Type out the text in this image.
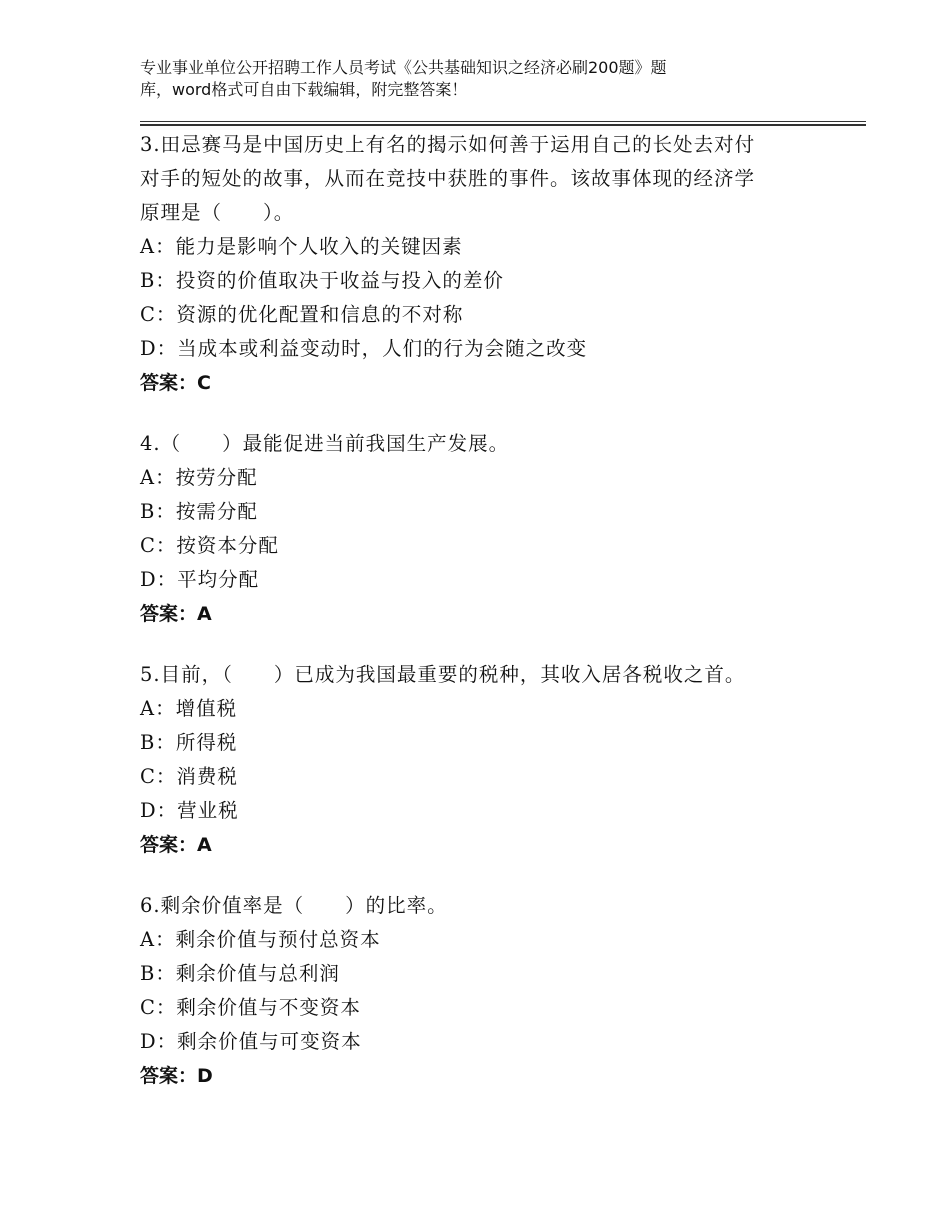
专业事业单位公开招聘工作人员考试《公共基础知识之经济必刷200题》题
库，word格式可自由下载编辑，附完整答案！
3.田忌赛马是中国历史上有名的揭示如何善于运用自己的长处去对付
对手的短处的故事，从而在竞技中获胜的事件。该故事体现的经济学
原理是（　　）。
A：能力是影响个人收入的关键因素
B：投资的价值取决于收益与投入的差价
C：资源的优化配置和信息的不对称
D：当成本或利益变动时，人们的行为会随之改变
答案：C
4.（　　）最能促进当前我国生产发展。
A：按劳分配
B：按需分配
C：按资本分配
D：平均分配
答案：A
5.目前，（　　）已成为我国最重要的税种，其收入居各税收之首。
A：增值税
B：所得税
C：消费税
D：营业税
答案：A
6.剩余价值率是（　　）的比率。
A：剩余价值与预付总资本
B：剩余价值与总利润
C：剩余价值与不变资本
D：剩余价值与可变资本
答案：D
